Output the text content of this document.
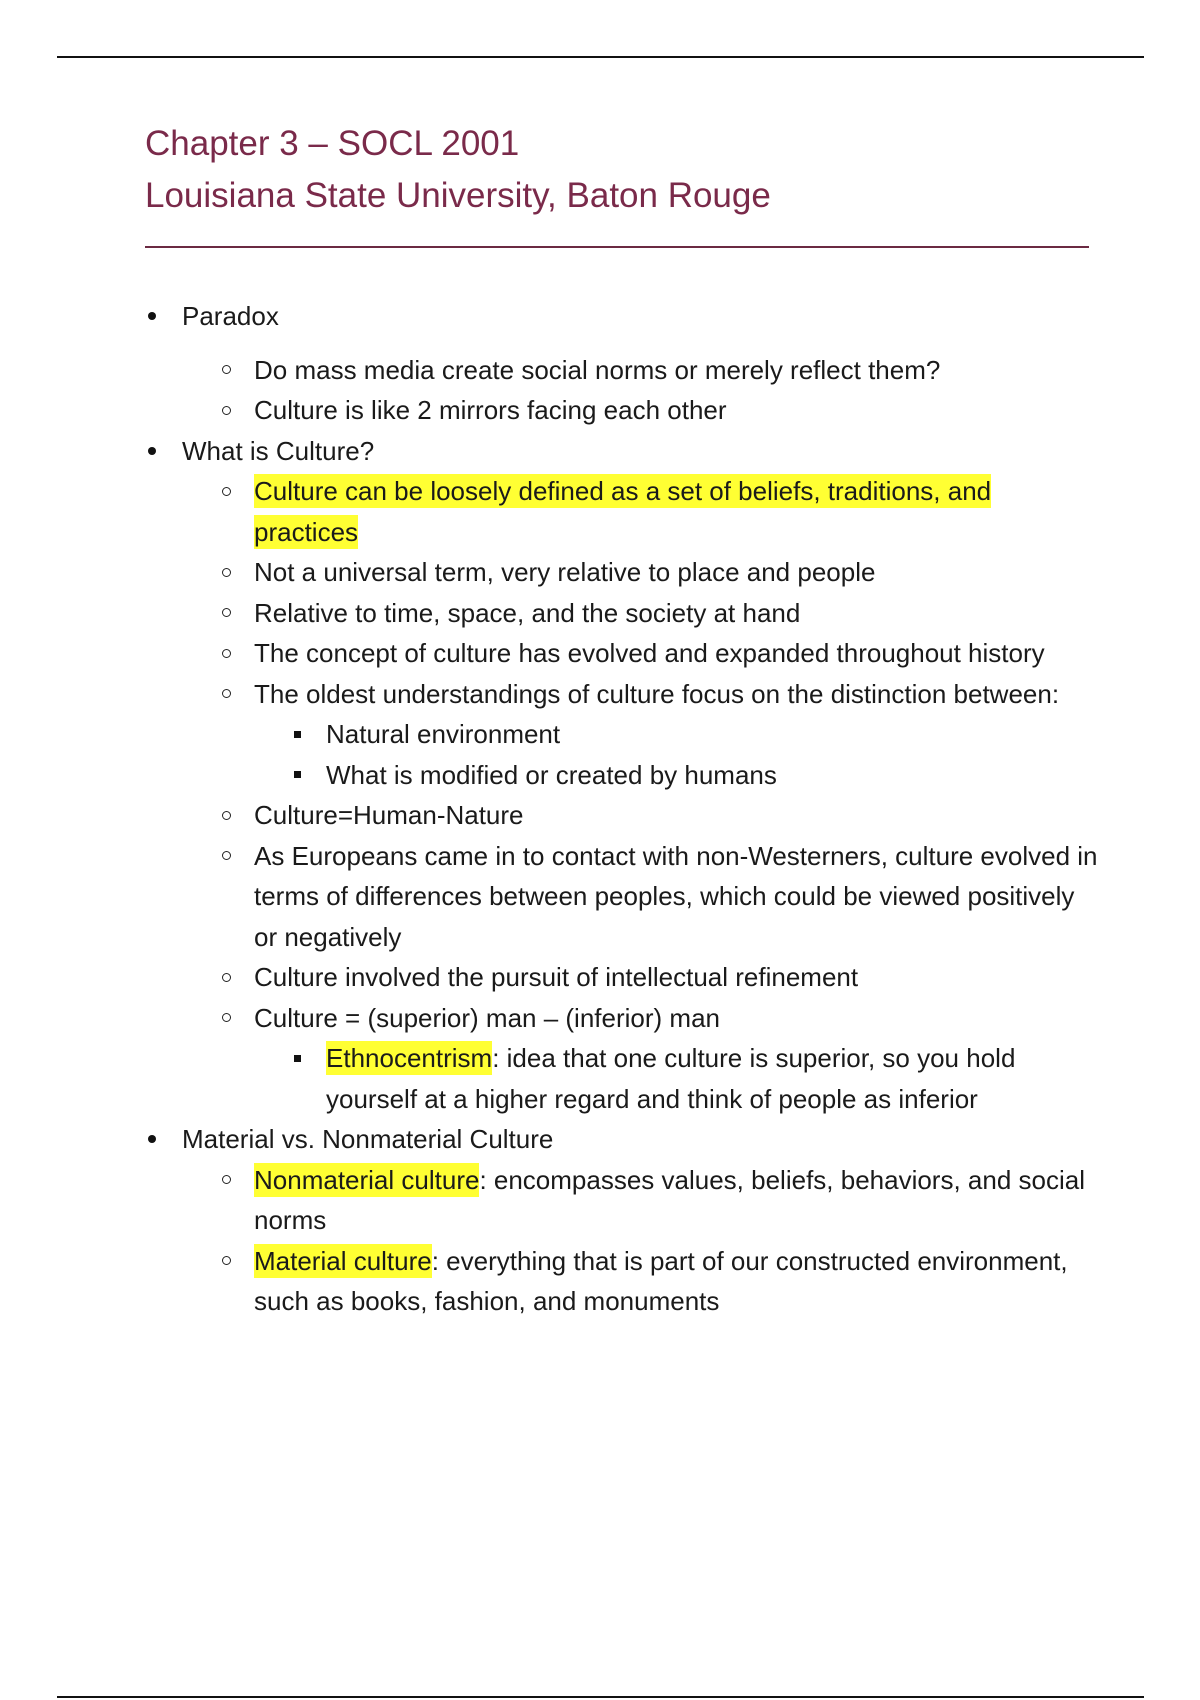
Chapter 3 – SOCL 2001
Louisiana State University, Baton Rouge
Paradox
Do mass media create social norms or merely reflect them?
Culture is like 2 mirrors facing each other
What is Culture?
Culture can be loosely defined as a set of beliefs, traditions, and practices
Not a universal term, very relative to place and people
Relative to time, space, and the society at hand
The concept of culture has evolved and expanded throughout history
The oldest understandings of culture focus on the distinction between:
Natural environment
What is modified or created by humans
Culture=Human-Nature
As Europeans came in to contact with non-Westerners, culture evolved in terms of differences between peoples, which could be viewed positively or negatively
Culture involved the pursuit of intellectual refinement
Culture = (superior) man – (inferior) man
Ethnocentrism: idea that one culture is superior, so you hold yourself at a higher regard and think of people as inferior
Material vs. Nonmaterial Culture
Nonmaterial culture: encompasses values, beliefs, behaviors, and social norms
Material culture: everything that is part of our constructed environment, such as books, fashion, and monuments
